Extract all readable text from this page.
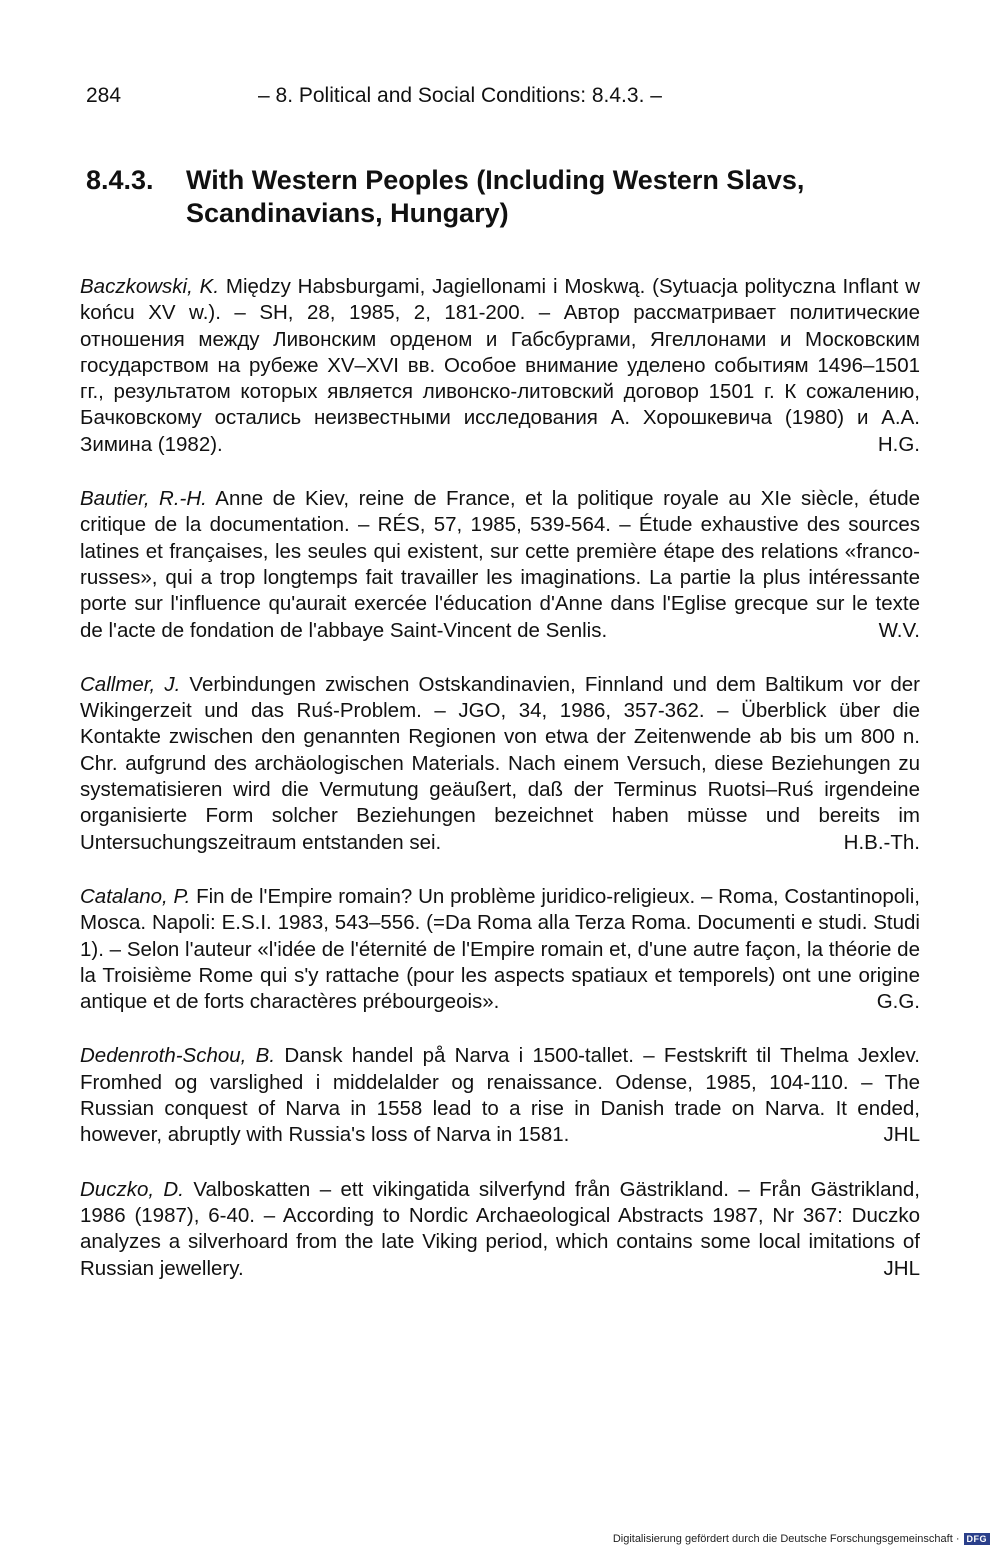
284	– 8. Political and Social Conditions: 8.4.3. –
8.4.3. With Western Peoples (Including Western Slavs, Scandinavians, Hungary)

Baczkowski, K. Między Habsburgami, Jagiellonami i Moskwą. (Sytuacja polityczna Inflant w końcu XV w.). – SH, 28, 1985, 2, 181-200. – Автор рассматривает политические отношения между Ливонским орденом и Габсбургами, Ягеллонами и Московским государством на рубеже XV–XVI вв. Особое внимание уделено событиям 1496–1501 гг., результатом которых является ливонско-литовский договор 1501 г. К сожалению, Бачковскому остались неизвестными исследования А. Хорошкевича (1980) и А.А. Зимина (1982).	H.G.

Bautier, R.-H. Anne de Kiev, reine de France, et la politique royale au XIe siècle, étude critique de la documentation. – RÉS, 57, 1985, 539-564. – Étude exhaustive des sources latines et françaises, les seules qui existent, sur cette première étape des relations «franco-russes», qui a trop longtemps fait travailler les imaginations. La partie la plus intéressante porte sur l'influence qu'aurait exercée l'éducation d'Anne dans l'Eglise grecque sur le texte de l'acte de fondation de l'abbaye Saint-Vincent de Senlis.	W.V.

Callmer, J. Verbindungen zwischen Ostskandinavien, Finnland und dem Baltikum vor der Wikingerzeit und das Ruś-Problem. – JGO, 34, 1986, 357-362. – Überblick über die Kontakte zwischen den genannten Regionen von etwa der Zeitenwende ab bis um 800 n. Chr. aufgrund des archäologischen Materials. Nach einem Versuch, diese Beziehungen zu systematisieren wird die Vermutung geäußert, daß der Terminus Ruotsi–Ruś irgendeine organisierte Form solcher Beziehungen bezeichnet haben müsse und bereits im Untersuchungszeitraum entstanden sei.	H.B.-Th.

Catalano, P. Fin de l'Empire romain? Un problème juridico-religieux. – Roma, Costantinopoli, Mosca. Napoli: E.S.I. 1983, 543–556. (=Da Roma alla Terza Roma. Documenti e studi. Studi 1). – Selon l'auteur «l'idée de l'éternité de l'Empire romain et, d'une autre façon, la théorie de la Troisième Rome qui s'y rattache (pour les aspects spatiaux et temporels) ont une origine antique et de forts charactères prébourgeois».	G.G.

Dedenroth-Schou, B. Dansk handel på Narva i 1500-tallet. – Festskrift til Thelma Jexlev. Fromhed og varslighed i middelalder og renaissance. Odense, 1985, 104-110. – The Russian conquest of Narva in 1558 lead to a rise in Danish trade on Narva. It ended, however, abruptly with Russia's loss of Narva in 1581.	JHL

Duczko, D. Valboskatten – ett vikingatida silverfynd från Gästrikland. – Från Gästrikland, 1986 (1987), 6-40. – According to Nordic Archaeological Abstracts 1987, Nr 367: Duczko analyzes a silverhoard from the late Viking period, which contains some local imitations of Russian jewellery.	JHL

Digitalisierung gefördert durch die Deutsche Forschungsgemeinschaft · DFG
